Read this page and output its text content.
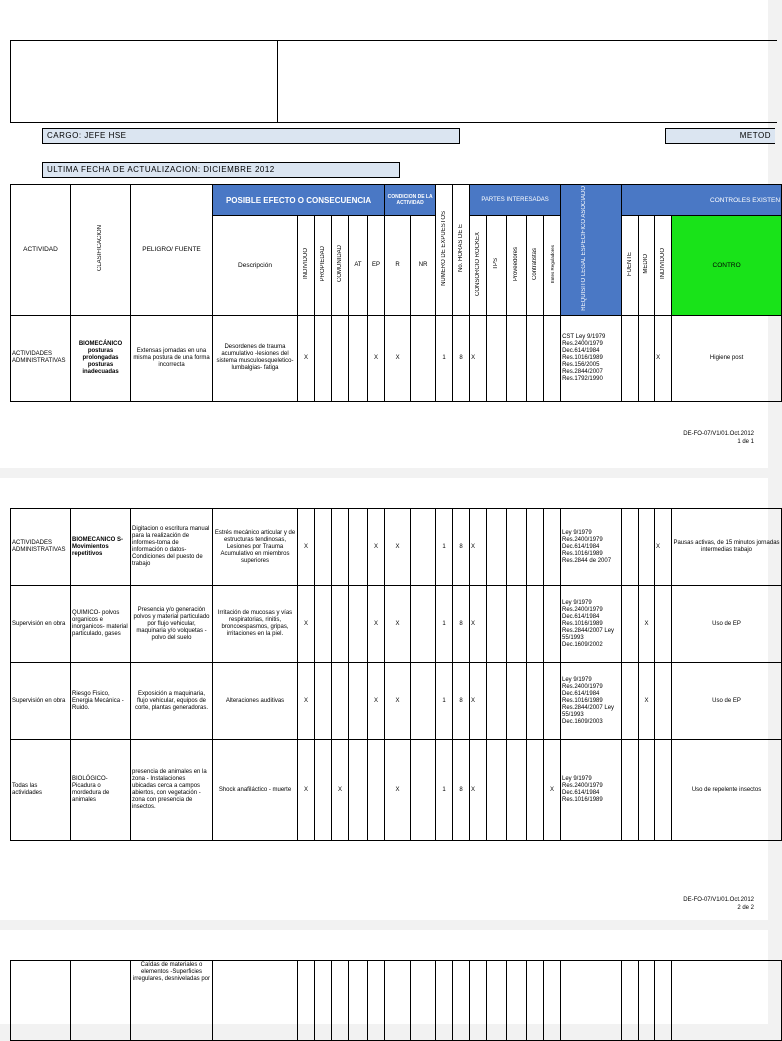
CARGO: JEFE HSE	METOD
ULTIMA FECHA DE ACTUALIZACION: DICIEMBRE 2012
ACTIVIDAD	CLASIFICACION	PELIGRO/ FUENTE	POSIBLE EFECTO O CONSECUENCIA						CONDICION DE LA ACTIVIDAD		NUMERO DE EXPUESTOS	No. HORAS DE E	PARTES INTERESADAS					REQUISITO LEGAL ESPECIFICO ASOCIADO	CONTROLES EXISTEN			
			Descripción	INDIVIDUO	PROPIEDAD	COMUNIDAD	AT	EP	R	NR			CONSORCIO ROCKEX	TPS	Proveedores	Contratistas	Entes Reguladores		FUENTE	MEDIO	INDIVIDUO	CONTRO
ACTIVIDADES ADMINISTRATIVAS	BIOMECÁNICO posturas prolongadas posturas inadecuadas	Extensas jornadas en una misma postura de una forma incorrecta	Desordenes de trauma acumulativo -lesiones del sistema musculoesqueletico-lumbalgias- fatiga	X				X	X		1	8	X					CST Ley 9/1979 Res.2400/1979 Dec.614/1984 Res.1016/1989 Res.156/2005 Res.2844/2007 Res.1792/1990			X	Higiene post
DE-FO-07/V1/01.Oct.2012
1 de 1
ACTIVIDADES ADMINISTRATIVAS	BIOMECANICO S- Movimientos repetitivos	Digitacion o escritura manual para la realización de informes-toma de información o datos-Condiciones del puesto de trabajo	Estrés mecánico articular y de estructuras tendinosas, Lesiones por Trauma Acumulativo en miembros superiores	X				X	X		1	8	X					Ley 9/1979 Res.2400/1979 Dec.614/1984 Res.1016/1989 Res.2844 de 2007			X	Pausas activas, de 15 minutos jornadas intermedias trabajo
Supervisión en obra	QUIMICO- polvos organicos e inorganicos- material particulado, gases	Presencia y/o generación polvos y material particulado por flujo vehicular, maquinaria y/o volquetas - polvo del suelo	Irritación de mucosas y vías respiratorias, rinitis, broncoespasmos, gripas, irritaciones en la piel.	X				X	X		1	8	X					Ley 9/1979 Res.2400/1979 Dec.614/1984 Res.1016/1989 Res.2844/2007 Ley 55/1993 Dec.1609/2002		X		Uso de EP
Supervisión en obra	Riesgo Fisico, Energia Mecánica - Ruido.	Exposición a maquinaria, flujo vehicular, equipos de corte, plantas generadoras.	Alteraciones auditivas	X				X	X		1	8	X					Ley 9/1979 Res.2400/1979 Dec.614/1984 Res.1016/1989 Res.2844/2007 Ley 55/1993 Dec.1609/2003		X		Uso de EP
Todas las actividades	BIOLÓGICO- Picadura o mordedura de animales	presencia de animales en la zona - Instalaciones ubicadas cerca a campos abiertos, con vegetación - zona con presencia de insectos.	Shock anafiláctico - muerte	X		X			X		1	8	X				X	Ley 9/1979 Res.2400/1979 Dec.614/1984 Res.1016/1989				Uso de repelente insectos
DE-FO-07/V1/01.Oct.2012
2 de 2
		Caídas de materiales o elementos -Superficies irregulares, desniveladas por																				
